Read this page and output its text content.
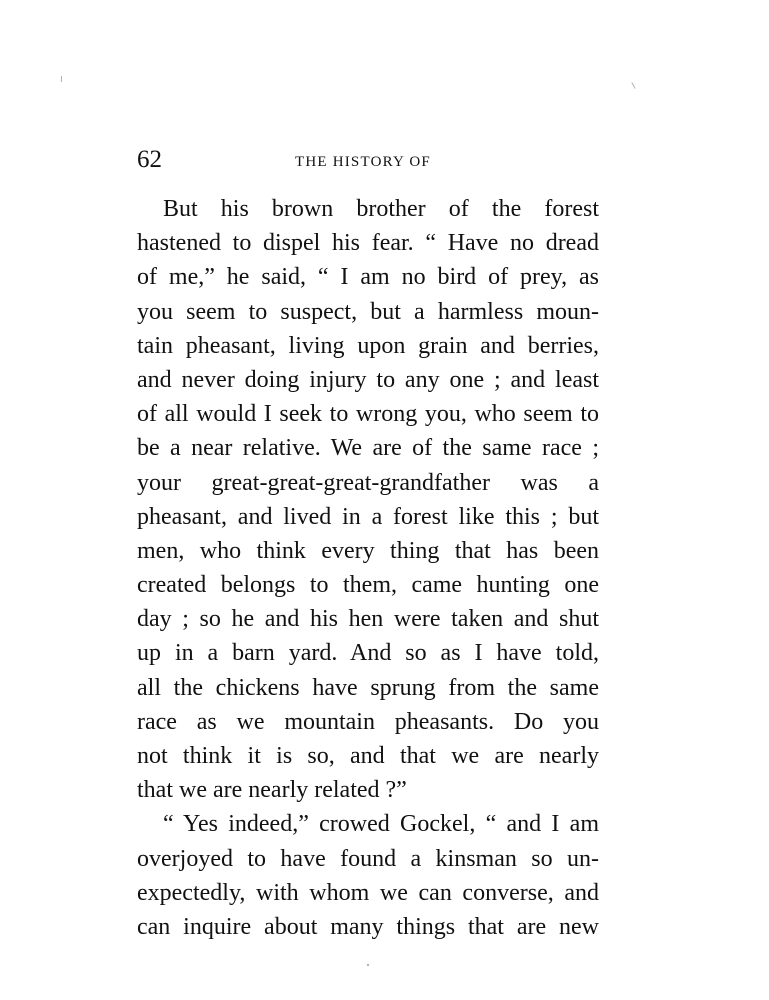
62	THE HISTORY OF
But his brown brother of the forest
hastened to dispel his fear. “ Have no dread
of me,” he said, “ I am no bird of prey, as
you seem to suspect, but a harmless moun-
tain pheasant, living upon grain and berries,
and never doing injury to any one ; and least
of all would I seek to wrong you, who seem to
be a near relative. We are of the same race ;
your great-great-great-grandfather was a
pheasant, and lived in a forest like this ; but
men, who think every thing that has been
created belongs to them, came hunting one
day ; so he and his hen were taken and shut
up in a barn yard. And so as I have told,
all the chickens have sprung from the same
race as we mountain pheasants. Do you
not think it is so, and that we are nearly
that we are nearly related ?”
“ Yes indeed,” crowed Gockel, “ and I am
overjoyed to have found a kinsman so un-
expectedly, with whom we can converse, and
can inquire about many things that are new
